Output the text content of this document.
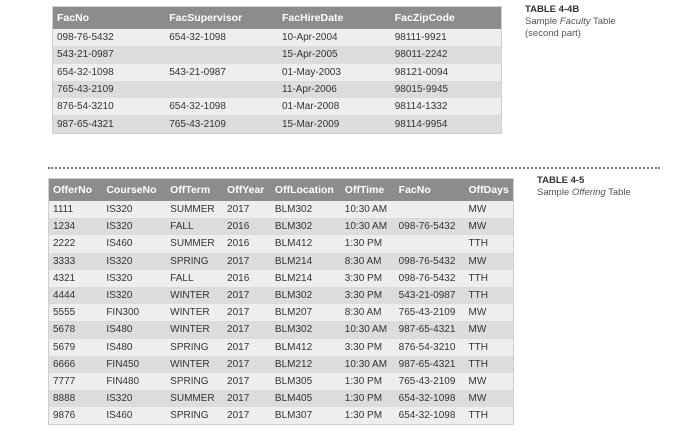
FacNo	FacSupervisor	FacHireDate	FacZipCode
098-76-5432	654-32-1098	10-Apr-2004	98111-9921
543-21-0987		15-Apr-2005	98011-2242
654-32-1098	543-21-0987	01-May-2003	98121-0094
765-43-2109		11-Apr-2006	98015-9945
876-54-3210	654-32-1098	01-Mar-2008	98114-1332
987-65-4321	765-43-2109	15-Mar-2009	98114-9954
TABLE 4-4B
Sample Faculty Table
(second part)
OfferNo	CourseNo	OffTerm	OffYear	OffLocation	OffTime	FacNo	OffDays
1111	IS320	SUMMER	2017	BLM302	10:30 AM		MW
1234	IS320	FALL	2016	BLM302	10:30 AM	098-76-5432	MW
2222	IS460	SUMMER	2016	BLM412	1:30 PM		TTH
3333	IS320	SPRING	2017	BLM214	8:30 AM	098-76-5432	MW
4321	IS320	FALL	2016	BLM214	3:30 PM	098-76-5432	TTH
4444	IS320	WINTER	2017	BLM302	3:30 PM	543-21-0987	TTH
5555	FIN300	WINTER	2017	BLM207	8:30 AM	765-43-2109	MW
5678	IS480	WINTER	2017	BLM302	10:30 AM	987-65-4321	MW
5679	IS480	SPRING	2017	BLM412	3:30 PM	876-54-3210	TTH
6666	FIN450	WINTER	2017	BLM212	10:30 AM	987-65-4321	TTH
7777	FIN480	SPRING	2017	BLM305	1:30 PM	765-43-2109	MW
8888	IS320	SUMMER	2017	BLM405	1:30 PM	654-32-1098	MW
9876	IS460	SPRING	2017	BLM307	1:30 PM	654-32-1098	TTH
TABLE 4-5
Sample Offering Table
